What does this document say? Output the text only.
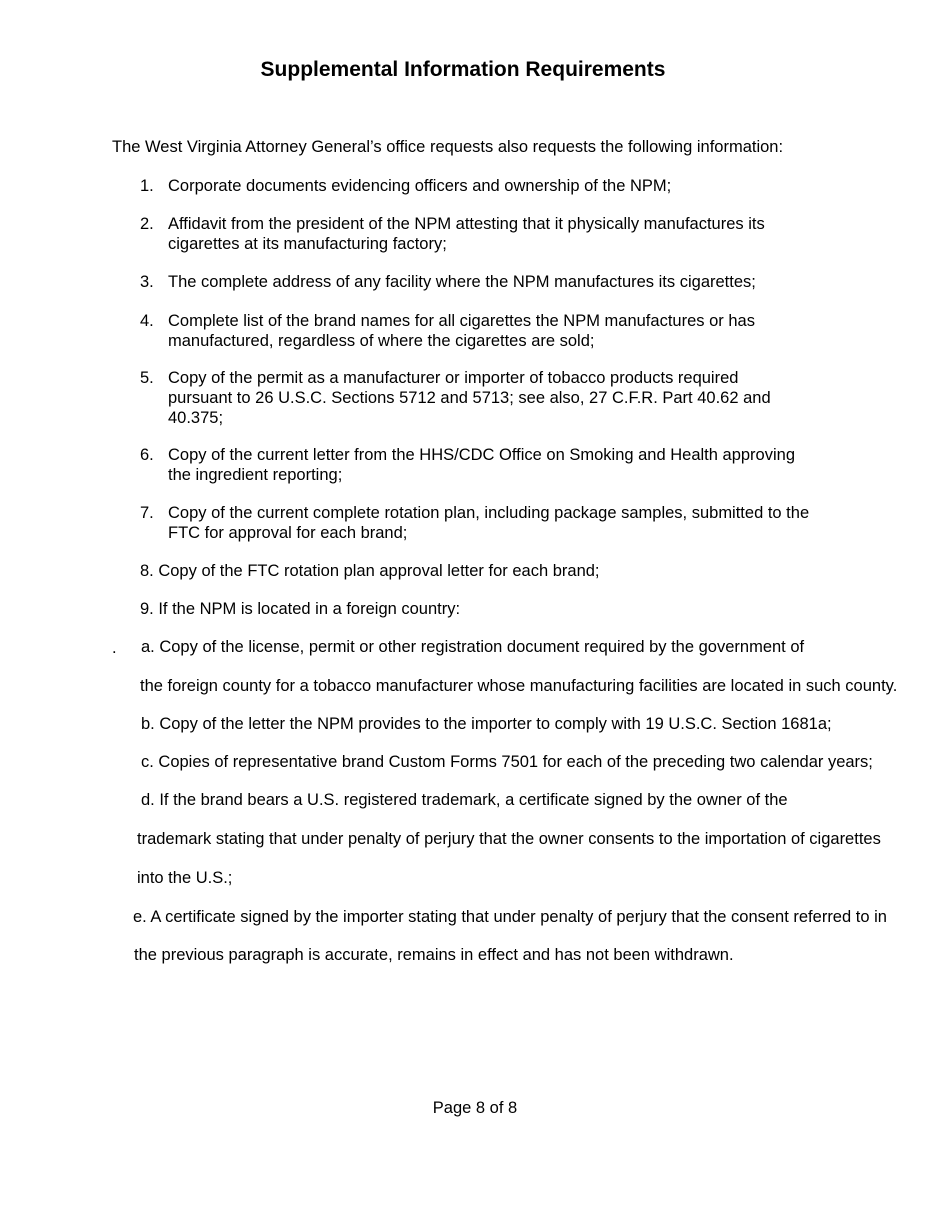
Supplemental Information Requirements
The West Virginia Attorney General’s office requests also requests the following information:
1. Corporate documents evidencing officers and ownership of the NPM;
2. Affidavit from the president of the NPM attesting that it physically manufactures its
cigarettes at its manufacturing factory;
3. The complete address of any facility where the NPM manufactures its cigarettes;
4. Complete list of the brand names for all cigarettes the NPM manufactures or has
manufactured, regardless of where the cigarettes are sold;
5. Copy of the permit as a manufacturer or importer of tobacco products required
pursuant to 26 U.S.C. Sections 5712 and 5713; see also, 27 C.F.R. Part 40.62 and
40.375;
6. Copy of the current letter from the HHS/CDC Office on Smoking and Health approving
the ingredient reporting;
7. Copy of the current complete rotation plan, including package samples, submitted to the
FTC for approval for each brand;
8. Copy of the FTC rotation plan approval letter for each brand;
9. If the NPM is located in a foreign country:
. a. Copy of the license, permit or other registration document required by the government of
the foreign county for a tobacco manufacturer whose manufacturing facilities are located in such county.
b. Copy of the letter the NPM provides to the importer to comply with 19 U.S.C. Section 1681a;
c. Copies of representative brand Custom Forms 7501 for each of the preceding two calendar years;
d. If the brand bears a U.S. registered trademark, a certificate signed by the owner of the
trademark stating that under penalty of perjury that the owner consents to the importation of cigarettes
into the U.S.;
e. A certificate signed by the importer stating that under penalty of perjury that the consent referred to in
the previous paragraph is accurate, remains in effect and has not been withdrawn.
Page 8 of 8
